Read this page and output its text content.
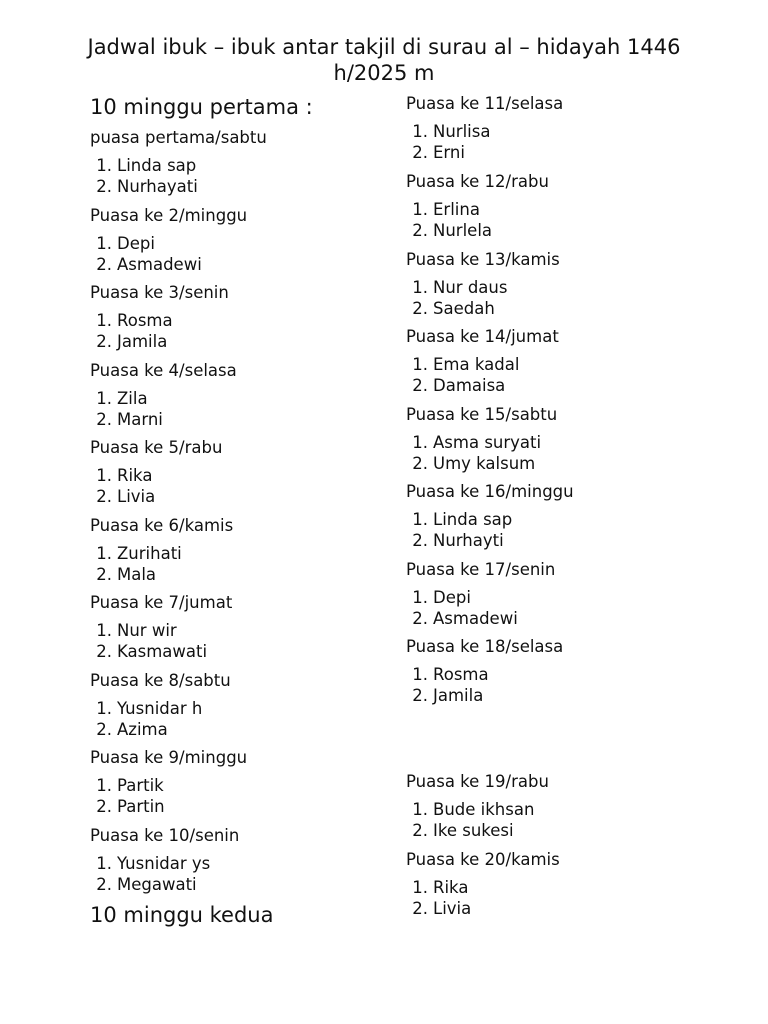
Jadwal ibuk – ibuk antar takjil di surau al – hidayah 1446 h/2025 m
10 minggu pertama :
10 minggu kedua
puasa pertama/sabtu
1. Linda sap
2. Nurhayati
Puasa ke 2/minggu
1. Depi
2. Asmadewi
Puasa ke 3/senin
1. Rosma
2. Jamila
Puasa ke 4/selasa
1. Zila
2. Marni
Puasa ke 5/rabu
1. Rika
2. Livia
Puasa ke 6/kamis
1. Zurihati
2. Mala
Puasa ke 7/jumat
1. Nur wir
2. Kasmawati
Puasa ke 8/sabtu
1. Yusnidar h
2. Azima
Puasa ke 9/minggu
1. Partik
2. Partin
Puasa ke 10/senin
1. Yusnidar ys
2. Megawati
Puasa ke 11/selasa
1. Nurlisa
2. Erni
Puasa ke 12/rabu
1. Erlina
2. Nurlela
Puasa ke 13/kamis
1. Nur daus
2. Saedah
Puasa ke 14/jumat
1. Ema kadal
2. Damaisa
Puasa ke 15/sabtu
1. Asma suryati
2. Umy kalsum
Puasa ke 16/minggu
1. Linda sap
2. Nurhayti
Puasa ke 17/senin
1. Depi
2. Asmadewi
Puasa ke 18/selasa
1. Rosma
2. Jamila
Puasa ke 19/rabu
1. Bude ikhsan
2. Ike sukesi
Puasa ke 20/kamis
1. Rika
2. Livia
